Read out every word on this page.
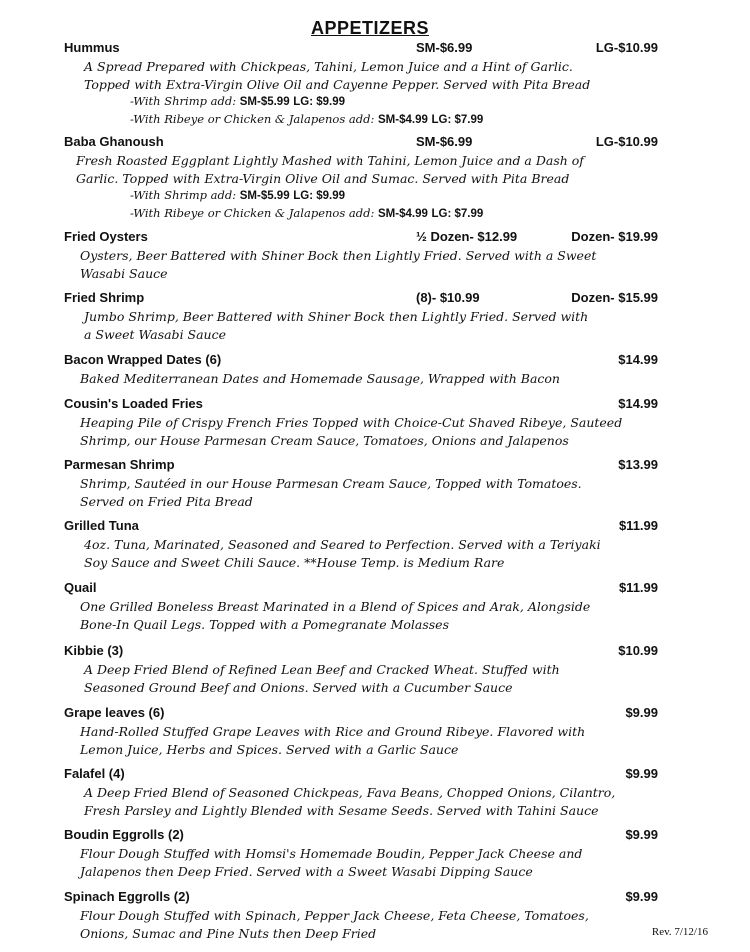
APPETIZERS
Hummus	SM-$6.99	LG-$10.99

A Spread Prepared with Chickpeas, Tahini, Lemon Juice and a Hint of Garlic.

Topped with Extra-Virgin Olive Oil and Cayenne Pepper. Served with Pita Bread

-With Shrimp add: SM-$5.99 LG: $9.99

-With Ribeye or Chicken & Jalapenos add: SM-$4.99 LG: $7.99

Baba Ghanoush	SM-$6.99	LG-$10.99

Fresh Roasted Eggplant Lightly Mashed with Tahini, Lemon Juice and a Dash of

Garlic. Topped with Extra-Virgin Olive Oil and Sumac. Served with Pita Bread

-With Shrimp add: SM-$5.99 LG: $9.99

-With Ribeye or Chicken & Jalapenos add: SM-$4.99 LG: $7.99

Fried Oysters	½ Dozen- $12.99	Dozen- $19.99

Oysters, Beer Battered with Shiner Bock then Lightly Fried. Served with a Sweet

Wasabi Sauce

Fried Shrimp	(8)- $10.99	Dozen- $15.99

Jumbo Shrimp, Beer Battered with Shiner Bock then Lightly Fried. Served with

a Sweet Wasabi Sauce

Bacon Wrapped Dates (6)	$14.99

Baked Mediterranean Dates and Homemade Sausage, Wrapped with Bacon

Cousin's Loaded Fries	$14.99

Heaping Pile of Crispy French Fries Topped with Choice-Cut Shaved Ribeye, Sauteed

Shrimp, our House Parmesan Cream Sauce, Tomatoes, Onions and Jalapenos

Parmesan Shrimp	$13.99

Shrimp, Sautéed in our House Parmesan Cream Sauce, Topped with Tomatoes.

Served on Fried Pita Bread

Grilled Tuna	$11.99

4oz. Tuna, Marinated, Seasoned and Seared to Perfection. Served with a Teriyaki

Soy Sauce and Sweet Chili Sauce. **House Temp. is Medium Rare

Quail	$11.99

One Grilled Boneless Breast Marinated in a Blend of Spices and Arak, Alongside

Bone-In Quail Legs. Topped with a Pomegranate Molasses

Kibbie (3)	$10.99

A Deep Fried Blend of Refined Lean Beef and Cracked Wheat. Stuffed with

Seasoned Ground Beef and Onions. Served with a Cucumber Sauce

Grape leaves (6)	$9.99

Hand-Rolled Stuffed Grape Leaves with Rice and Ground Ribeye. Flavored with

Lemon Juice, Herbs and Spices. Served with a Garlic Sauce

Falafel (4)	$9.99

A Deep Fried Blend of Seasoned Chickpeas, Fava Beans, Chopped Onions, Cilantro,

Fresh Parsley and Lightly Blended with Sesame Seeds. Served with Tahini Sauce

Boudin Eggrolls (2)	$9.99

Flour Dough Stuffed with Homsi's Homemade Boudin, Pepper Jack Cheese and

Jalapenos then Deep Fried. Served with a Sweet Wasabi Dipping Sauce

Spinach Eggrolls (2)	$9.99

Flour Dough Stuffed with Spinach, Pepper Jack Cheese, Feta Cheese, Tomatoes,

Onions, Sumac and Pine Nuts then Deep Fried	Rev. 7/12/16
